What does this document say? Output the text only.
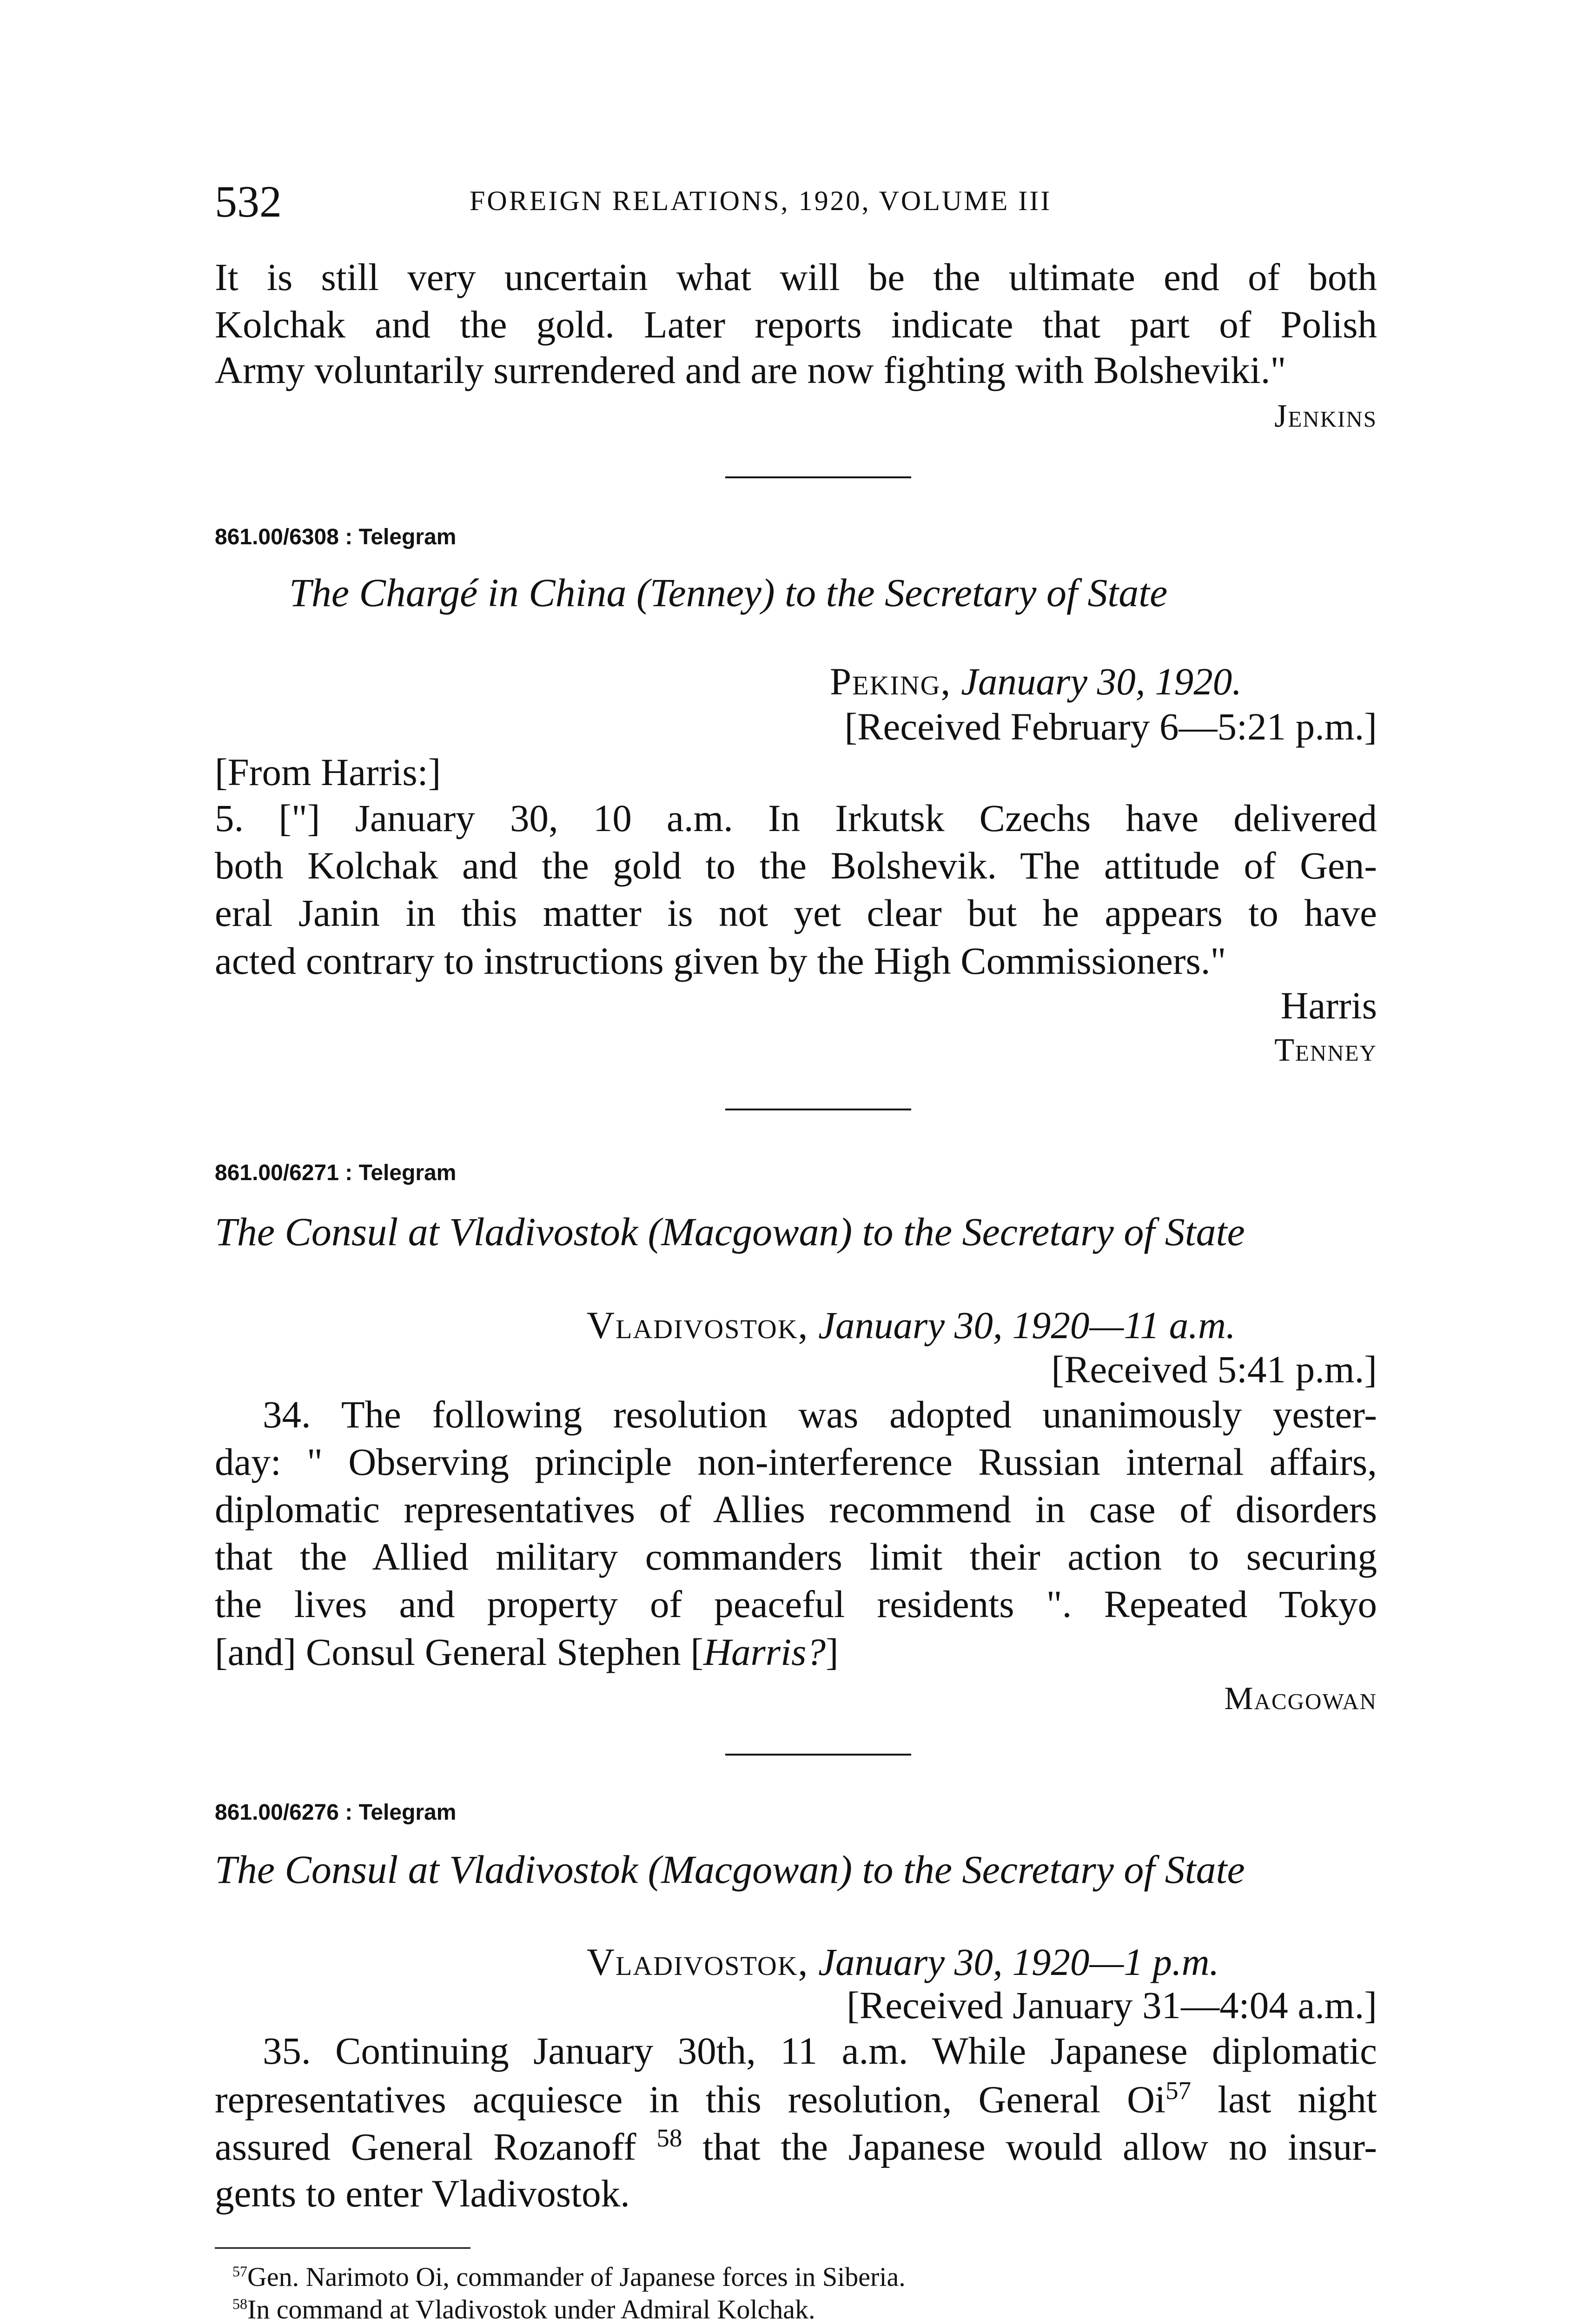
532	FOREIGN RELATIONS, 1920, VOLUME III
It is still very uncertain what will be the ultimate end of both
Kolchak and the gold. Later reports indicate that part of Polish
Army voluntarily surrendered and are now fighting with Bolsheviki."
Jenkins
861.00/6308 : Telegram
The Chargé in China (Tenney) to the Secretary of State
Peking, January 30, 1920.
[Received February 6—5:21 p.m.]
[From Harris:]
5. ["] January 30, 10 a.m. In Irkutsk Czechs have delivered
both Kolchak and the gold to the Bolshevik. The attitude of Gen-
eral Janin in this matter is not yet clear but he appears to have
acted contrary to instructions given by the High Commissioners."
Harris
Tenney
861.00/6271 : Telegram
The Consul at Vladivostok (Macgowan) to the Secretary of State
Vladivostok, January 30, 1920—11 a.m.
[Received 5:41 p.m.]
34. The following resolution was adopted unanimously yester-
day: " Observing principle non-interference Russian internal affairs,
diplomatic representatives of Allies recommend in case of disorders
that the Allied military commanders limit their action to securing
the lives and property of peaceful residents ". Repeated Tokyo
[and] Consul General Stephen [Harris?]
Macgowan
861.00/6276 : Telegram
The Consul at Vladivostok (Macgowan) to the Secretary of State
Vladivostok, January 30, 1920—1 p.m.
[Received January 31—4:04 a.m.]
35. Continuing January 30th, 11 a.m. While Japanese diplomatic
representatives acquiesce in this resolution, General Oi$^{57}$ last night
assured General Rozanoff $^{58}$ that the Japanese would allow no insur-
gents to enter Vladivostok.
$^{57}$Gen. Narimoto Oi, commander of Japanese forces in Siberia.
$^{58}$In command at Vladivostok under Admiral Kolchak.
